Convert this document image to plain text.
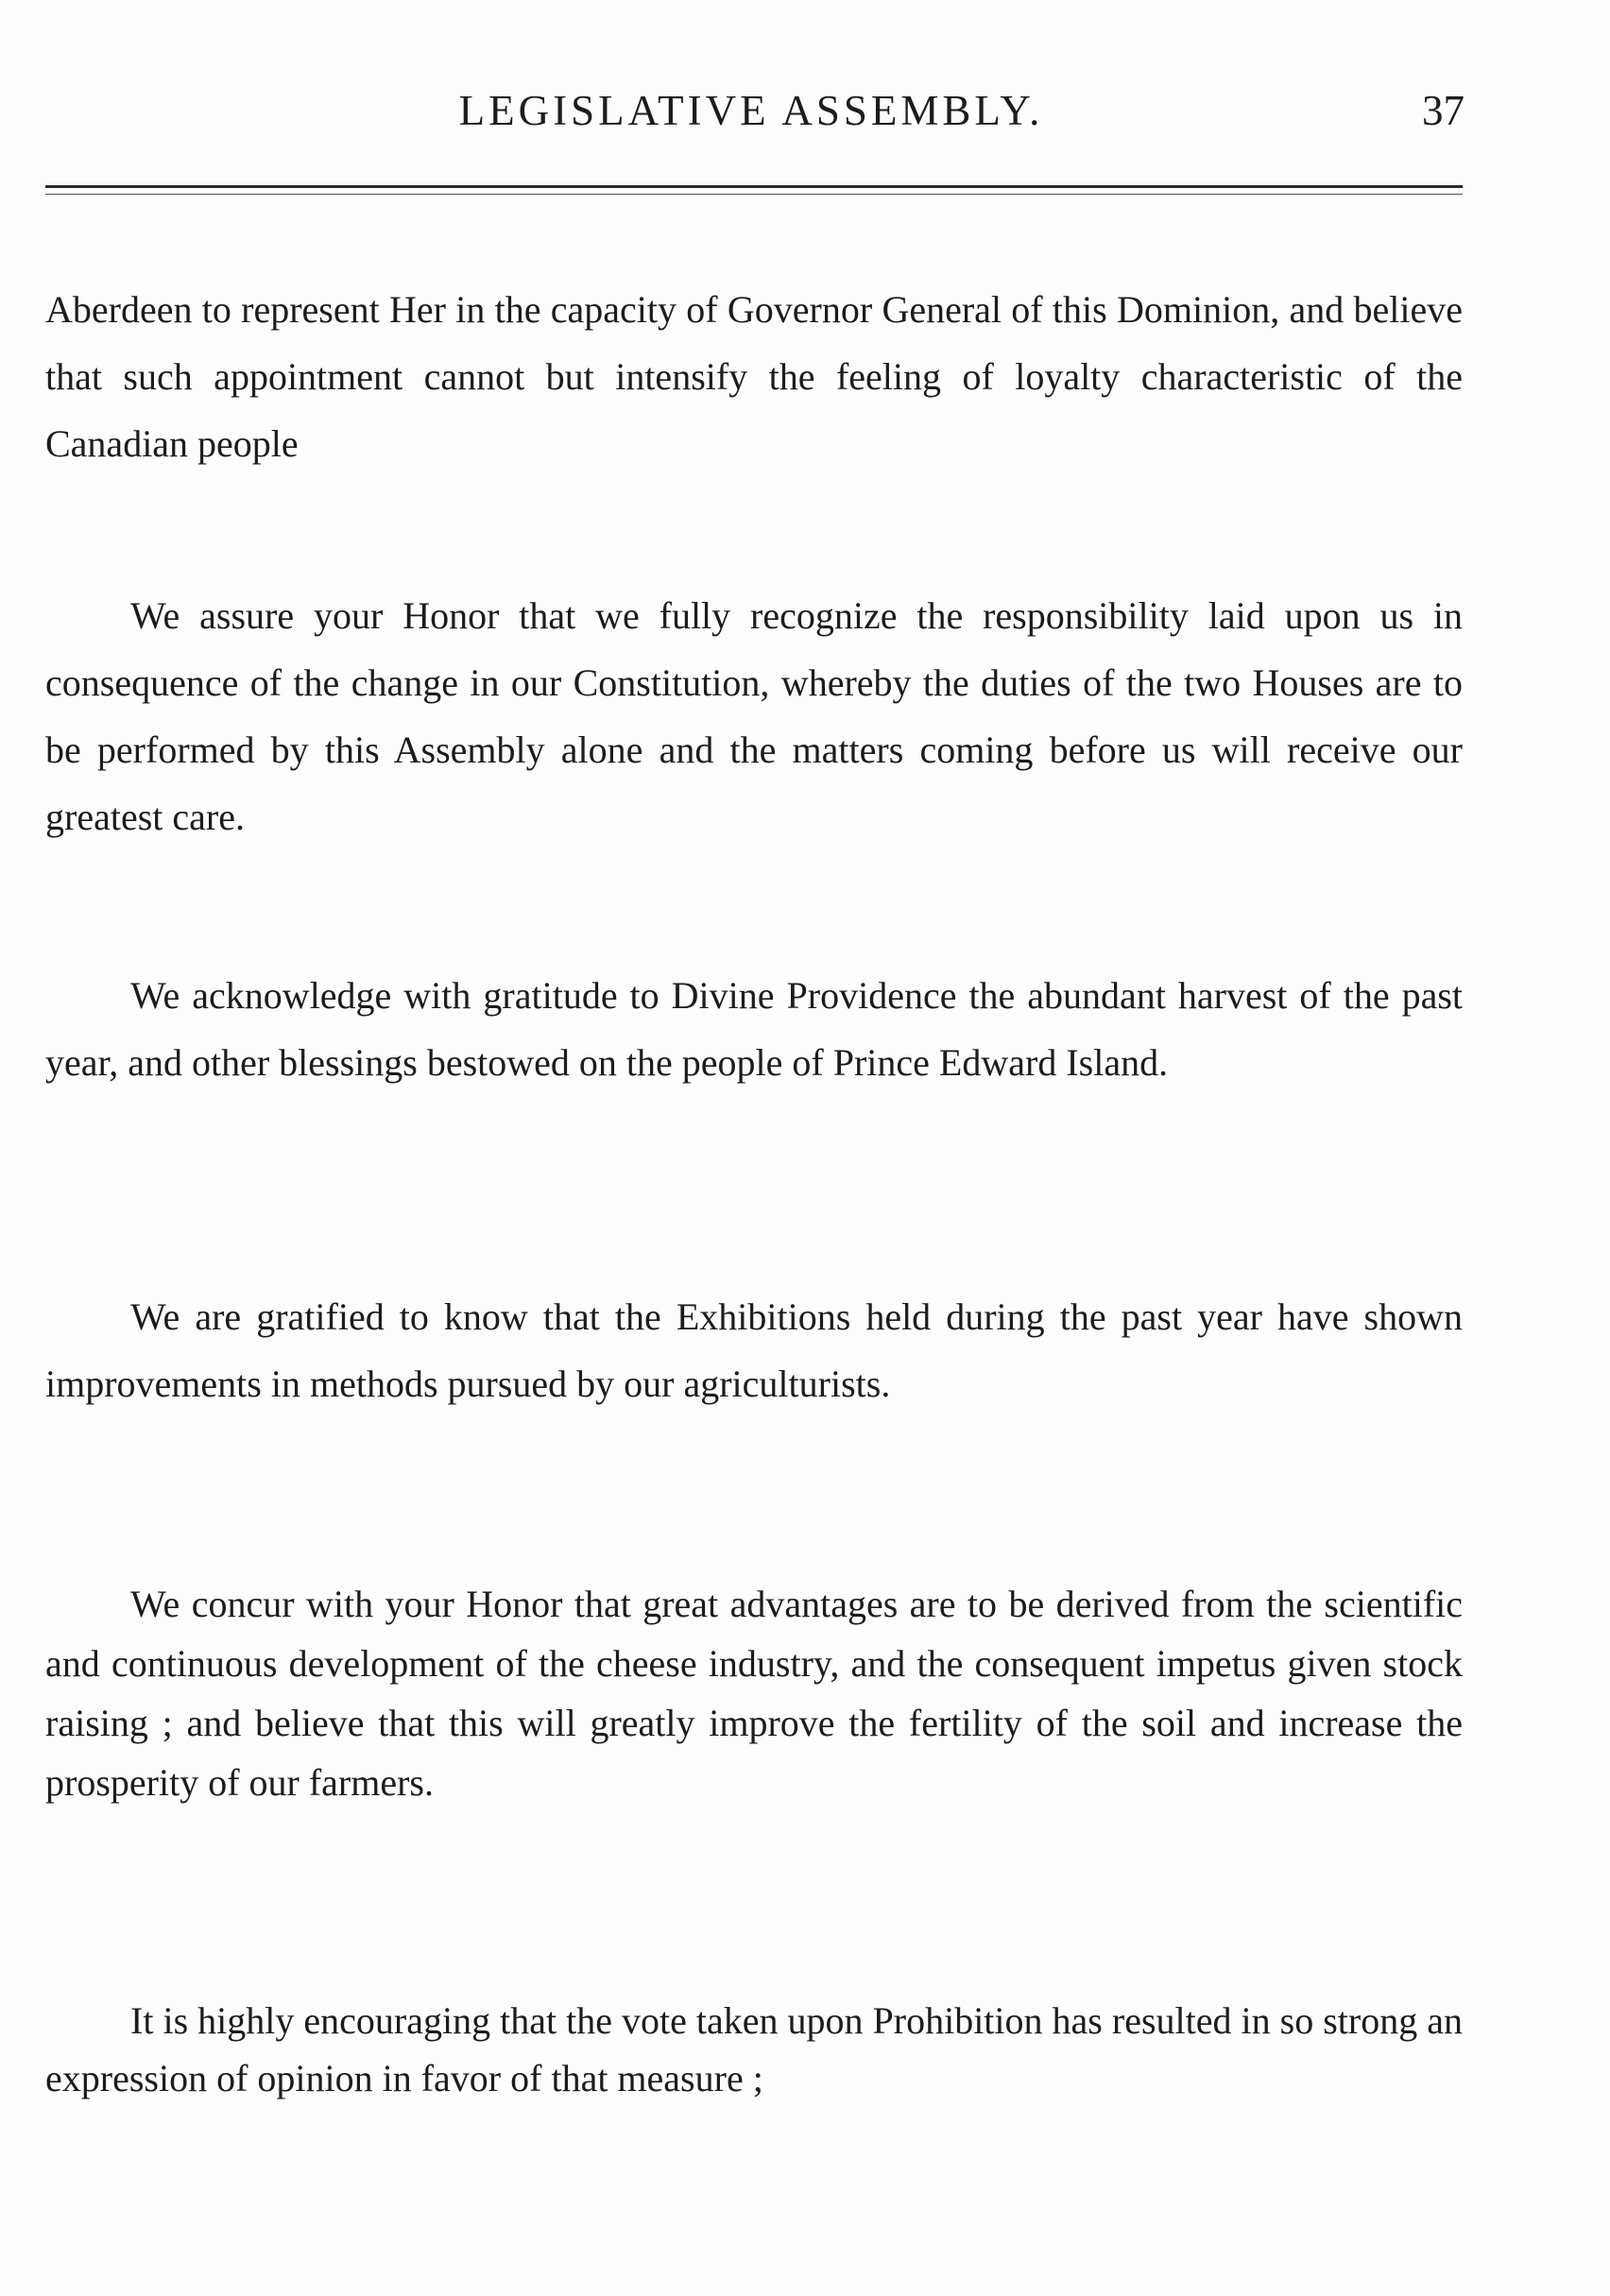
LEGISLATIVE ASSEMBLY.	37

Aberdeen to represent Her in the capacity of Governor General of this Dominion, and believe that such appointment cannot but intensify the feeling of loyalty characteristic of the Canadian people

We assure your Honor that we fully recognize the responsibility laid upon us in consequence of the change in our Constitution, whereby the duties of the two Houses are to be performed by this Assembly alone and the matters coming before us will receive our greatest care.

We acknowledge with gratitude to Divine Providence the abundant harvest of the past year, and other blessings bestowed on the people of Prince Edward Island.

We are gratified to know that the Exhibitions held during the past year have shown improvements in methods pursued by our agriculturists.

We concur with your Honor that great advantages are to be derived from the scientific and continuous development of the cheese industry, and the consequent impetus given stock raising ; and believe that this will greatly improve the fertility of the soil and increase the prosperity of our farmers.

It is highly encouraging that the vote taken upon Prohibition has resulted in so strong an expression of opinion in favor of that measure ;
